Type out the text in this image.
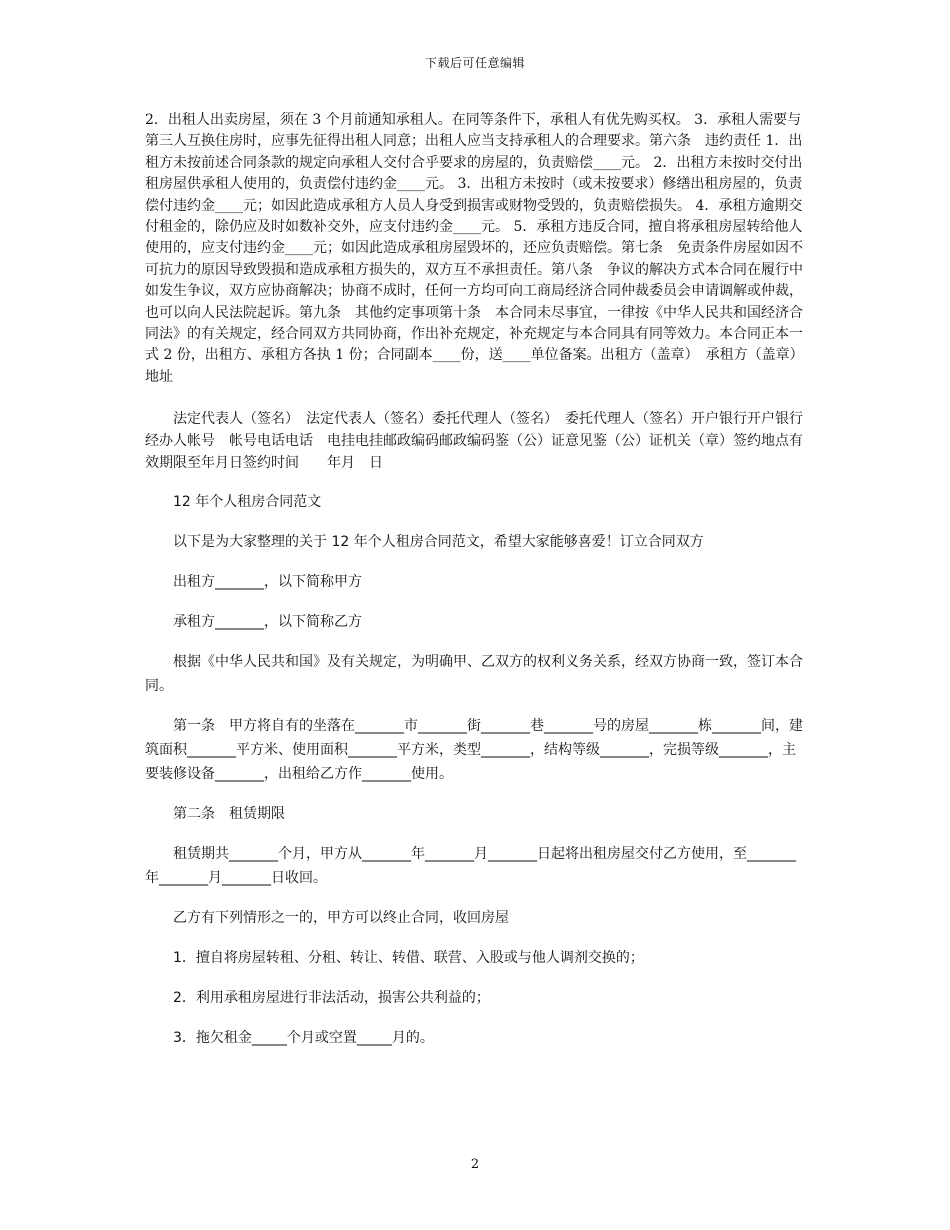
下载后可任意编辑

2．出租人出卖房屋，须在 3 个月前通知承租人。在同等条件下，承租人有优先购买权。 3．承租人需要与第三人互换住房时，应事先征得出租人同意；出租人应当支持承租人的合理要求。第六条　违约责任 1．出租方未按前述合同条款的规定向承租人交付合乎要求的房屋的，负责赔偿____元。 2．出租方未按时交付出租房屋供承租人使用的，负责偿付违约金____元。 3．出租方未按时（或未按要求）修缮出租房屋的，负责偿付违约金____元；如因此造成承租方人员人身受到损害或财物受毁的，负责赔偿损失。 4．承租方逾期交付租金的，除仍应及时如数补交外，应支付违约金____元。 5．承租方违反合同，擅自将承租房屋转给他人使用的，应支付违约金____元；如因此造成承租房屋毁坏的，还应负责赔偿。第七条　免责条件房屋如因不可抗力的原因导致毁损和造成承租方损失的，双方互不承担责任。第八条　争议的解决方式本合同在履行中如发生争议，双方应协商解决；协商不成时，任何一方均可向工商局经济合同仲裁委员会申请调解或仲裁，也可以向人民法院起诉。第九条　其他约定事项第十条　本合同未尽事宜，一律按《中华人民共和国经济合同法》的有关规定，经合同双方共同协商，作出补充规定，补充规定与本合同具有同等效力。本合同正本一式 2 份，出租方、承租方各执 1 份；合同副本____份，送____单位备案。出租方（盖章）　承租方（盖章）地址

法定代表人（签名）　法定代表人（签名）委托代理人（签名）　委托代理人（签名）开户银行开户银行经办人帐号　帐号电话电话　电挂电挂邮政编码邮政编码鉴（公）证意见鉴（公）证机关（章）签约地点有效期限至年月日签约时间　　年月　日

12 年个人租房合同范文

以下是为大家整理的关于 12 年个人租房合同范文，希望大家能够喜爱！订立合同双方

出租方_______，以下简称甲方

承租方_______，以下简称乙方

根据《中华人民共和国》及有关规定，为明确甲、乙双方的权利义务关系，经双方协商一致，签订本合同。

第一条　甲方将自有的坐落在_______市_______街_______巷_______号的房屋_______栋_______间，建筑面积_______平方米、使用面积_______平方米，类型_______，结构等级_______，完损等级_______，主要装修设备_______，出租给乙方作_______使用。

第二条　租赁期限

租赁期共_______个月，甲方从_______年_______月_______日起将出租房屋交付乙方使用，至_______年_______月_______日收回。

乙方有下列情形之一的，甲方可以终止合同，收回房屋

1．擅自将房屋转租、分租、转让、转借、联营、入股或与他人调剂交换的；

2．利用承租房屋进行非法活动，损害公共利益的；

3．拖欠租金_____个月或空置_____月的。

2
